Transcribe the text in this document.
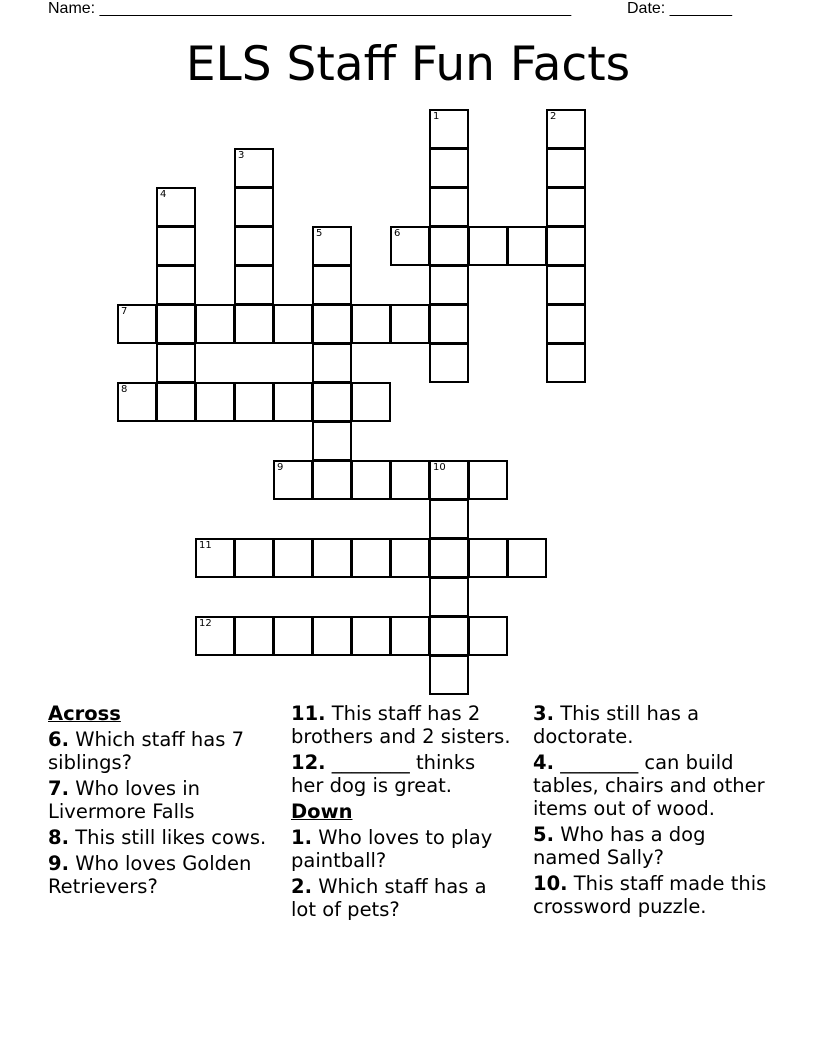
Name: _____________________________________________________	Date: _______
ELS Staff Fun Facts
1	2
3
4
5	6
7
8
9	10
11
12
Across
6. Which staff has 7 siblings?
7. Who loves in Livermore Falls
8. This still likes cows.
9. Who loves Golden Retrievers?
11. This staff has 2 brothers and 2 sisters.
12. ________ thinks her dog is great.
Down
1. Who loves to play paintball?
2. Which staff has a lot of pets?
3. This still has a doctorate.
4. ________ can build tables, chairs and other items out of wood.
5. Who has a dog named Sally?
10. This staff made this crossword puzzle.
